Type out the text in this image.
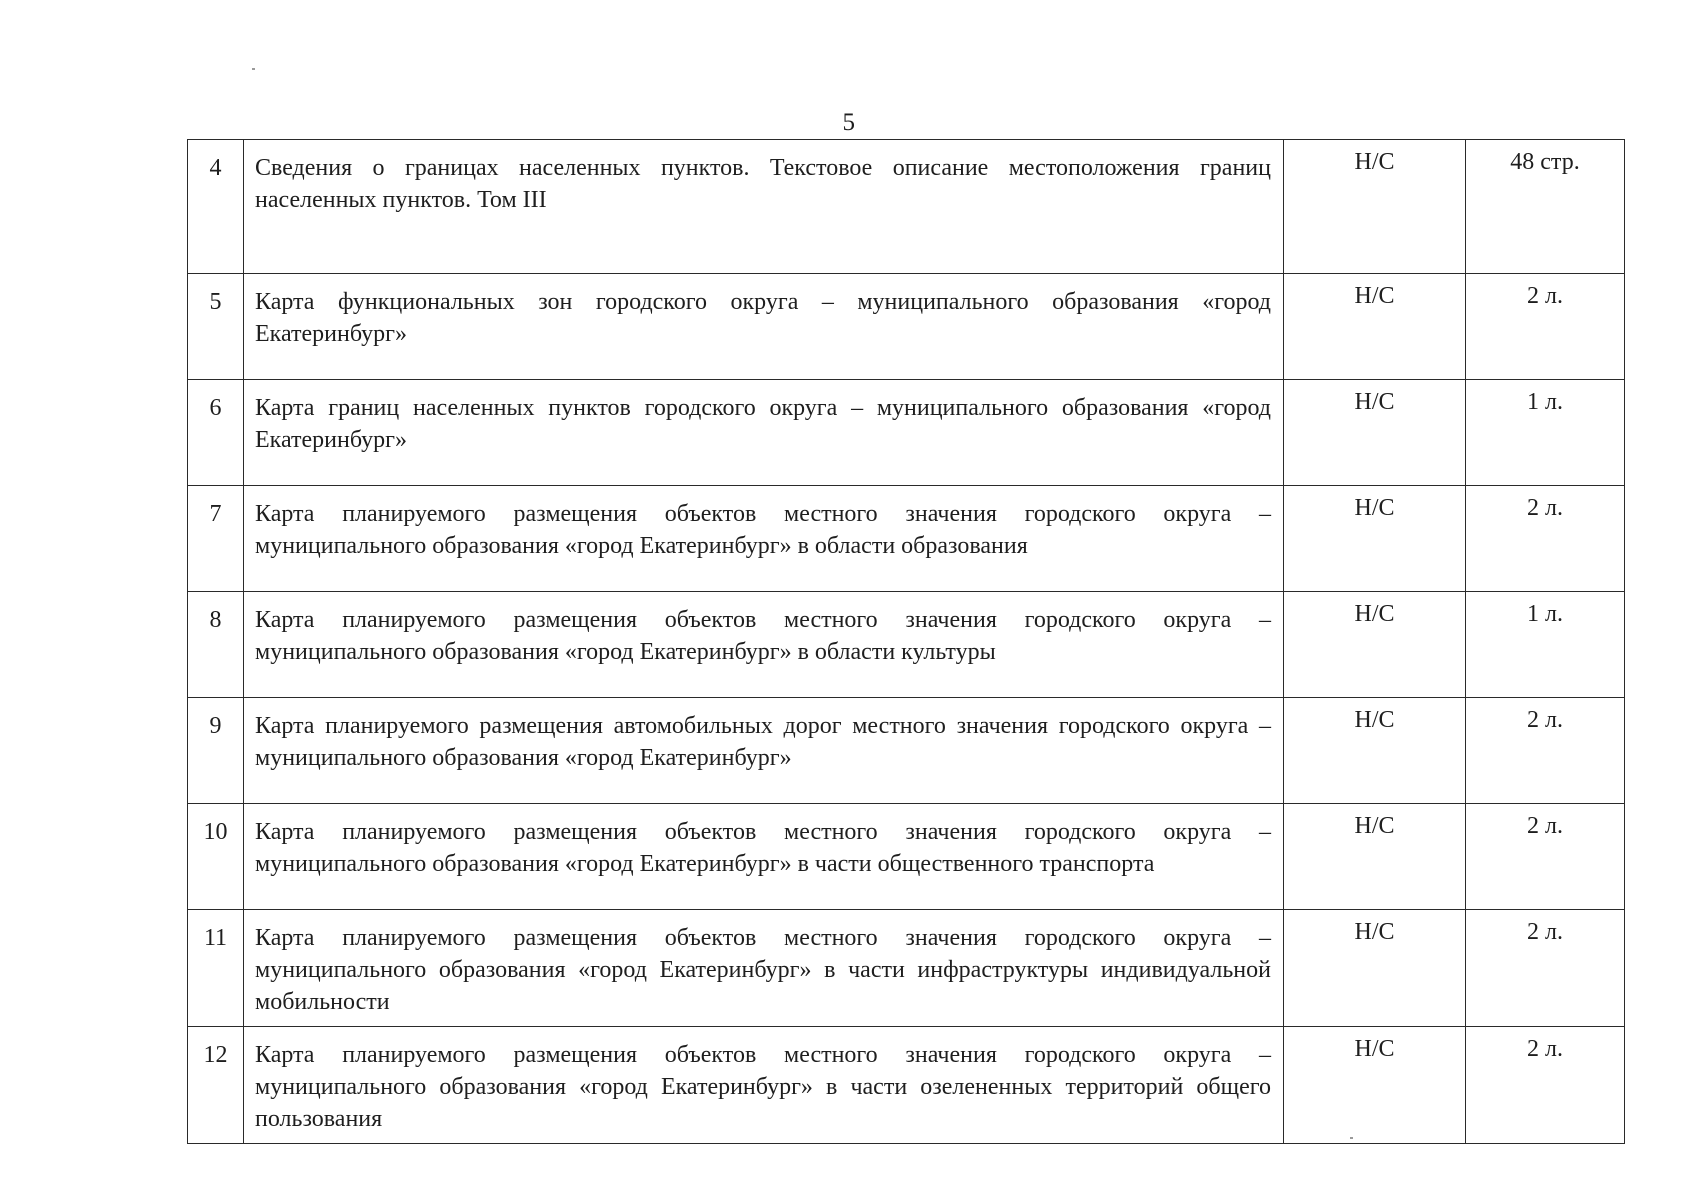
5
4	Сведения о границах населенных пунктов. Текстовое описание местоположения границ населенных пунктов. Том III	Н/С	48 стр.
5	Карта функциональных зон городского округа – муниципального образования «город Екатеринбург»	Н/С	2 л.
6	Карта границ населенных пунктов городского округа – муниципального образования «город Екатеринбург»	Н/С	1 л.
7	Карта планируемого размещения объектов местного значения городского округа – муниципального образования «город Екатеринбург» в области образования	Н/С	2 л.
8	Карта планируемого размещения объектов местного значения городского округа – муниципального образования «город Екатеринбург» в области культуры	Н/С	1 л.
9	Карта планируемого размещения автомобильных дорог местного значения городского округа – муниципального образования «город Екатеринбург»	Н/С	2 л.
10	Карта планируемого размещения объектов местного значения городского округа – муниципального образования «город Екатеринбург» в части общественного транспорта	Н/С	2 л.
11	Карта планируемого размещения объектов местного значения городского округа – муниципального образования «город Екатеринбург» в части инфраструктуры индивидуальной мобильности	Н/С	2 л.
12	Карта планируемого размещения объектов местного значения городского округа – муниципального образования «город Екатеринбург» в части озелененных территорий общего пользования	Н/С	2 л.
